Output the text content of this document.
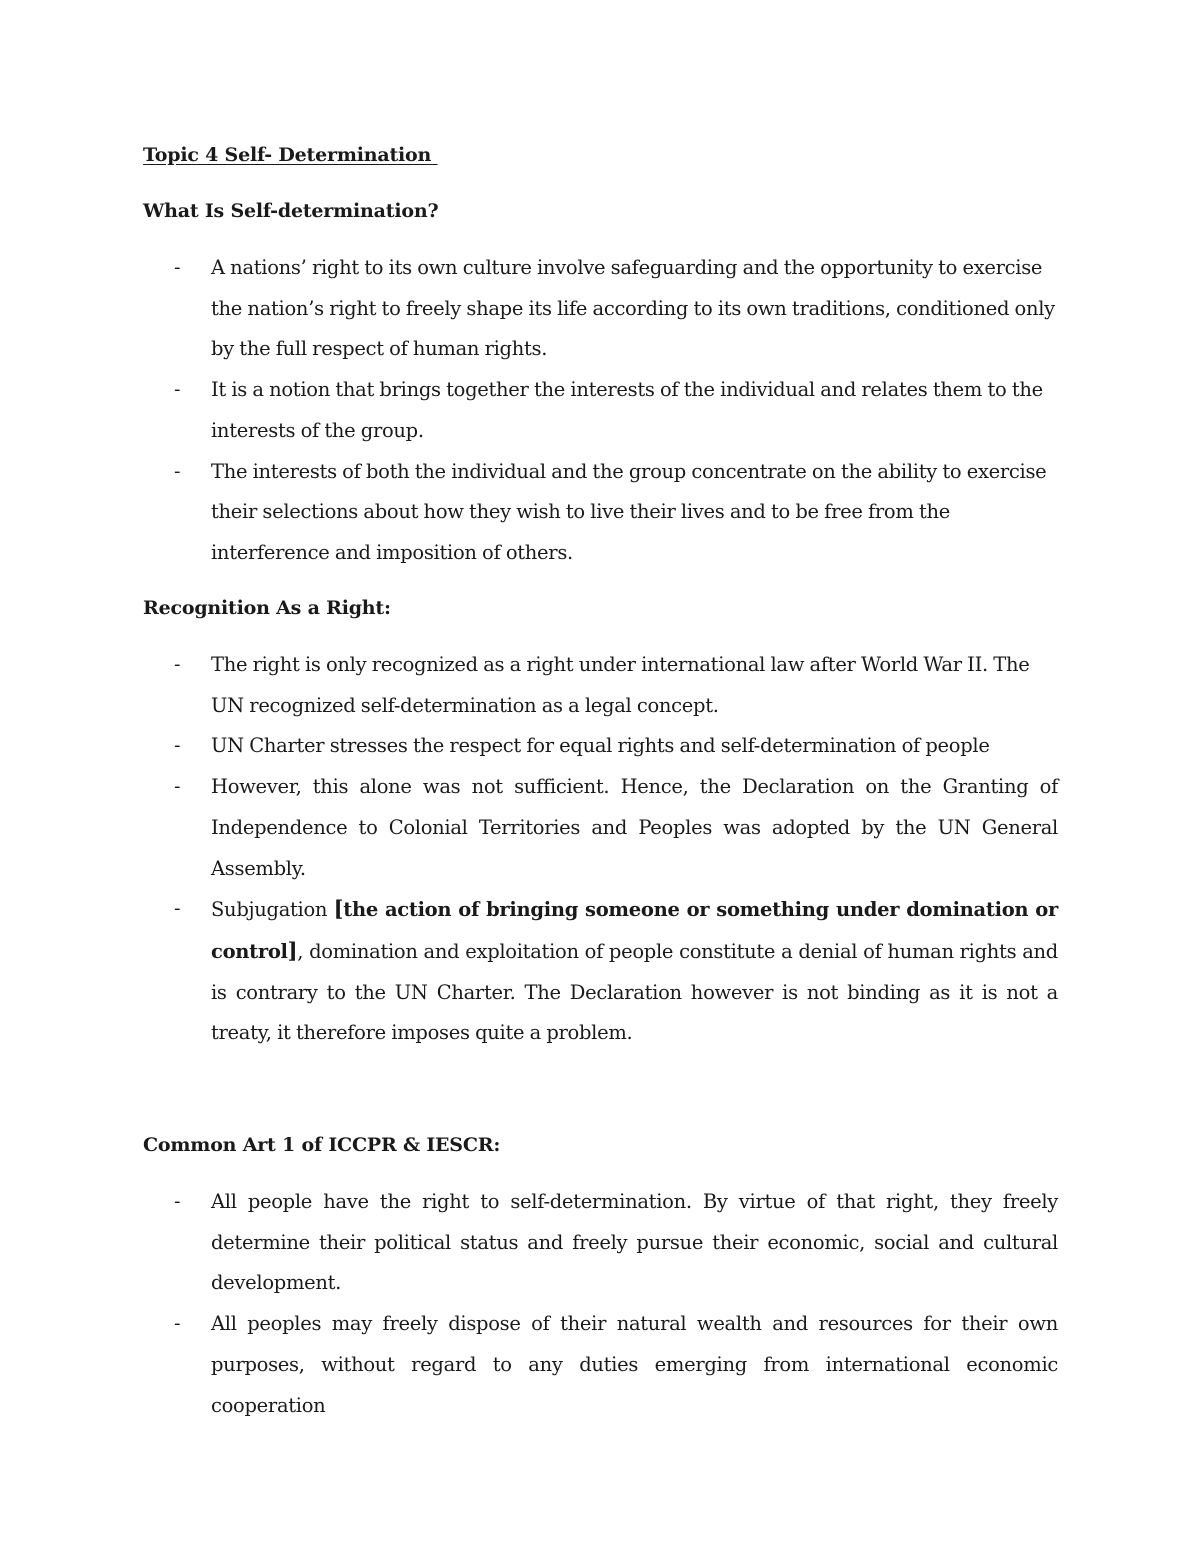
Topic 4 Self- Determination
What Is Self-determination?
- A nations’ right to its own culture involve safeguarding and the opportunity to exercise the nation’s right to freely shape its life according to its own traditions, conditioned only by the full respect of human rights.
- It is a notion that brings together the interests of the individual and relates them to the interests of the group.
- The interests of both the individual and the group concentrate on the ability to exercise their selections about how they wish to live their lives and to be free from the interference and imposition of others.
Recognition As a Right:
- The right is only recognized as a right under international law after World War II. The UN recognized self-determination as a legal concept.
- UN Charter stresses the respect for equal rights and self-determination of people
- However, this alone was not sufficient. Hence, the Declaration on the Granting of Independence to Colonial Territories and Peoples was adopted by the UN General Assembly.
- Subjugation [the action of bringing someone or something under domination or control], domination and exploitation of people constitute a denial of human rights and is contrary to the UN Charter. The Declaration however is not binding as it is not a treaty, it therefore imposes quite a problem.
Common Art 1 of ICCPR & IESCR:
- All people have the right to self-determination. By virtue of that right, they freely determine their political status and freely pursue their economic, social and cultural development.
- All peoples may freely dispose of their natural wealth and resources for their own purposes, without regard to any duties emerging from international economic cooperation
